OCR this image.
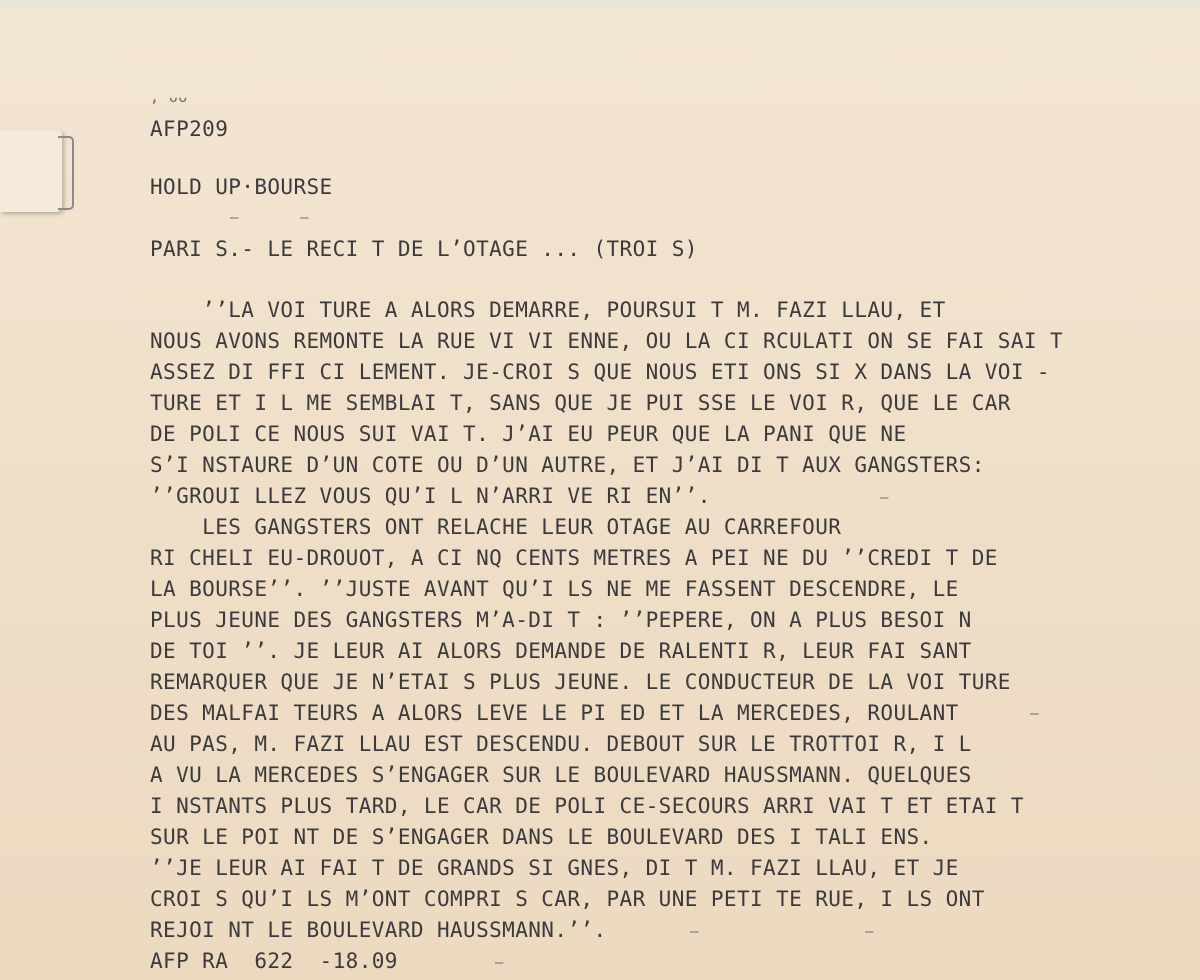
, ᴗᴗ
AFP209
HOLD UP·BOURSE
PARI S.- LE RECI T DE L’OTAGE ... (TROI S)
’’LA VOI TURE A ALORS DEMARRE, POURSUI T M. FAZI LLAU, ET
NOUS AVONS REMONTE LA RUE VI VI ENNE, OU LA CI RCULATI ON SE FAI SAI T
ASSEZ DI FFI CI LEMENT. JE-CROI S QUE NOUS ETI ONS SI X DANS LA VOI -
TURE ET I L ME SEMBLAI T, SANS QUE JE PUI SSE LE VOI R, QUE LE CAR
DE POLI CE NOUS SUI VAI T. J’AI EU PEUR QUE LA PANI QUE NE
S’I NSTAURE D’UN COTE OU D’UN AUTRE, ET J’AI DI T AUX GANGSTERS:
’’GROUI LLEZ VOUS QU’I L N’ARRI VE RI EN’’.
LES GANGSTERS ONT RELACHE LEUR OTAGE AU CARREFOUR
RI CHELI EU-DROUOT, A CI NQ CENTS METRES A PEI NE DU ’’CREDI T DE
LA BOURSE’’. ’’JUSTE AVANT QU’I LS NE ME FASSENT DESCENDRE, LE
PLUS JEUNE DES GANGSTERS M’A-DI T : ’’PEPERE, ON A PLUS BESOI N
DE TOI ’’. JE LEUR AI ALORS DEMANDE DE RALENTI R, LEUR FAI SANT
REMARQUER QUE JE N’ETAI S PLUS JEUNE. LE CONDUCTEUR DE LA VOI TURE
DES MALFAI TEURS A ALORS LEVE LE PI ED ET LA MERCEDES, ROULANT
AU PAS, M. FAZI LLAU EST DESCENDU. DEBOUT SUR LE TROTTOI R, I L
A VU LA MERCEDES S’ENGAGER SUR LE BOULEVARD HAUSSMANN. QUELQUES
I NSTANTS PLUS TARD, LE CAR DE POLI CE-SECOURS ARRI VAI T ET ETAI T
SUR LE POI NT DE S’ENGAGER DANS LE BOULEVARD DES I TALI ENS.
’’JE LEUR AI FAI T DE GRANDS SI GNES, DI T M. FAZI LLAU, ET JE
CROI S QU’I LS M’ONT COMPRI S CAR, PAR UNE PETI TE RUE, I LS ONT
REJOI NT LE BOULEVARD HAUSSMANN.’’.
AFP RA  622  -18.09
–	–
–
–
–	–
–
